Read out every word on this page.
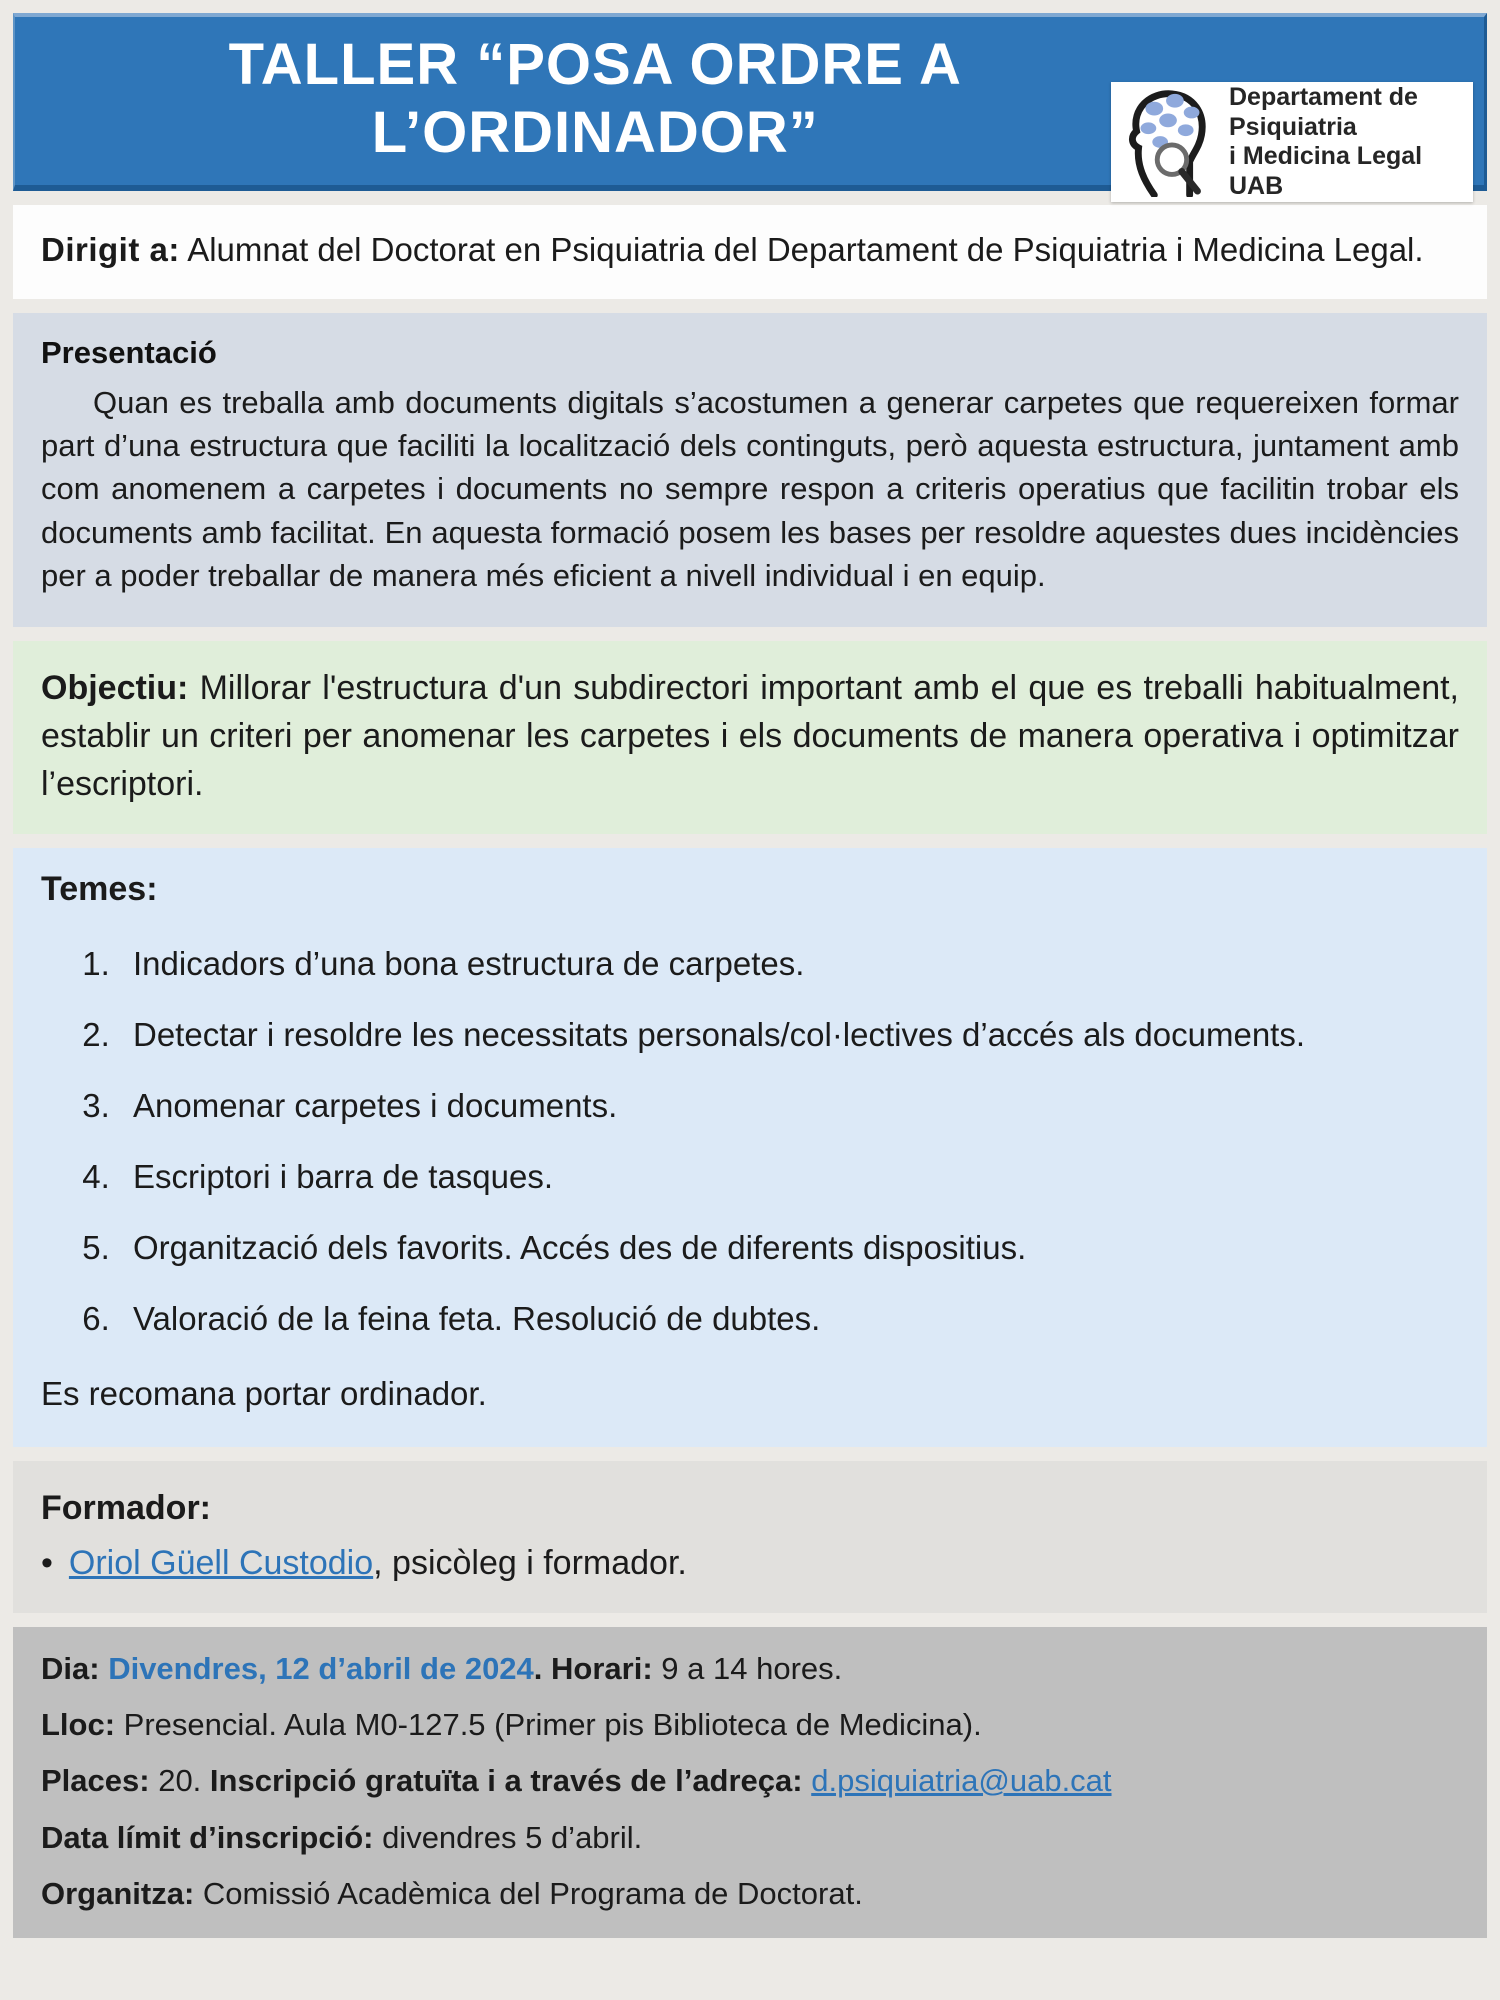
TALLER “POSA ORDRE A
L’ORDINADOR”
Departament de Psiquiatria
i Medicina Legal UAB
Dirigit a: Alumnat del Doctorat en Psiquiatria del Departament de Psiquiatria i Medicina Legal.
Presentació

Quan es treballa amb documents digitals s’acostumen a generar carpetes que requereixen formar part d’una estructura que faciliti la localització dels continguts, però aquesta estructura, juntament amb com anomenem a carpetes i documents no sempre respon a criteris operatius que facilitin trobar els documents amb facilitat. En aquesta formació posem les bases per resoldre aquestes dues incidències per a poder treballar de manera més eficient a nivell individual i en equip.

Objectiu: Millorar l'estructura d'un subdirectori important amb el que es treballi habitualment, establir un criteri per anomenar les carpetes i els documents de manera operativa i optimitzar l’escriptori.
Temes:
1. Indicadors d’una bona estructura de carpetes.
2. Detectar i resoldre les necessitats personals/col·lectives d’accés als documents.
3. Anomenar carpetes i documents.
4. Escriptori i barra de tasques.
5. Organització dels favorits. Accés des de diferents dispositius.
6. Valoració de la feina feta. Resolució de dubtes.

Es recomana portar ordinador.

Formador:
• Oriol Güell Custodio, psicòleg i formador.

Dia: Divendres, 12 d’abril de 2024. Horari: 9 a 14 hores.

Lloc: Presencial. Aula M0-127.5 (Primer pis Biblioteca de Medicina).

Places: 20. Inscripció gratuïta i a través de l’adreça: d.psiquiatria@uab.cat

Data límit d’inscripció: divendres 5 d’abril.

Organitza: Comissió Acadèmica del Programa de Doctorat.
